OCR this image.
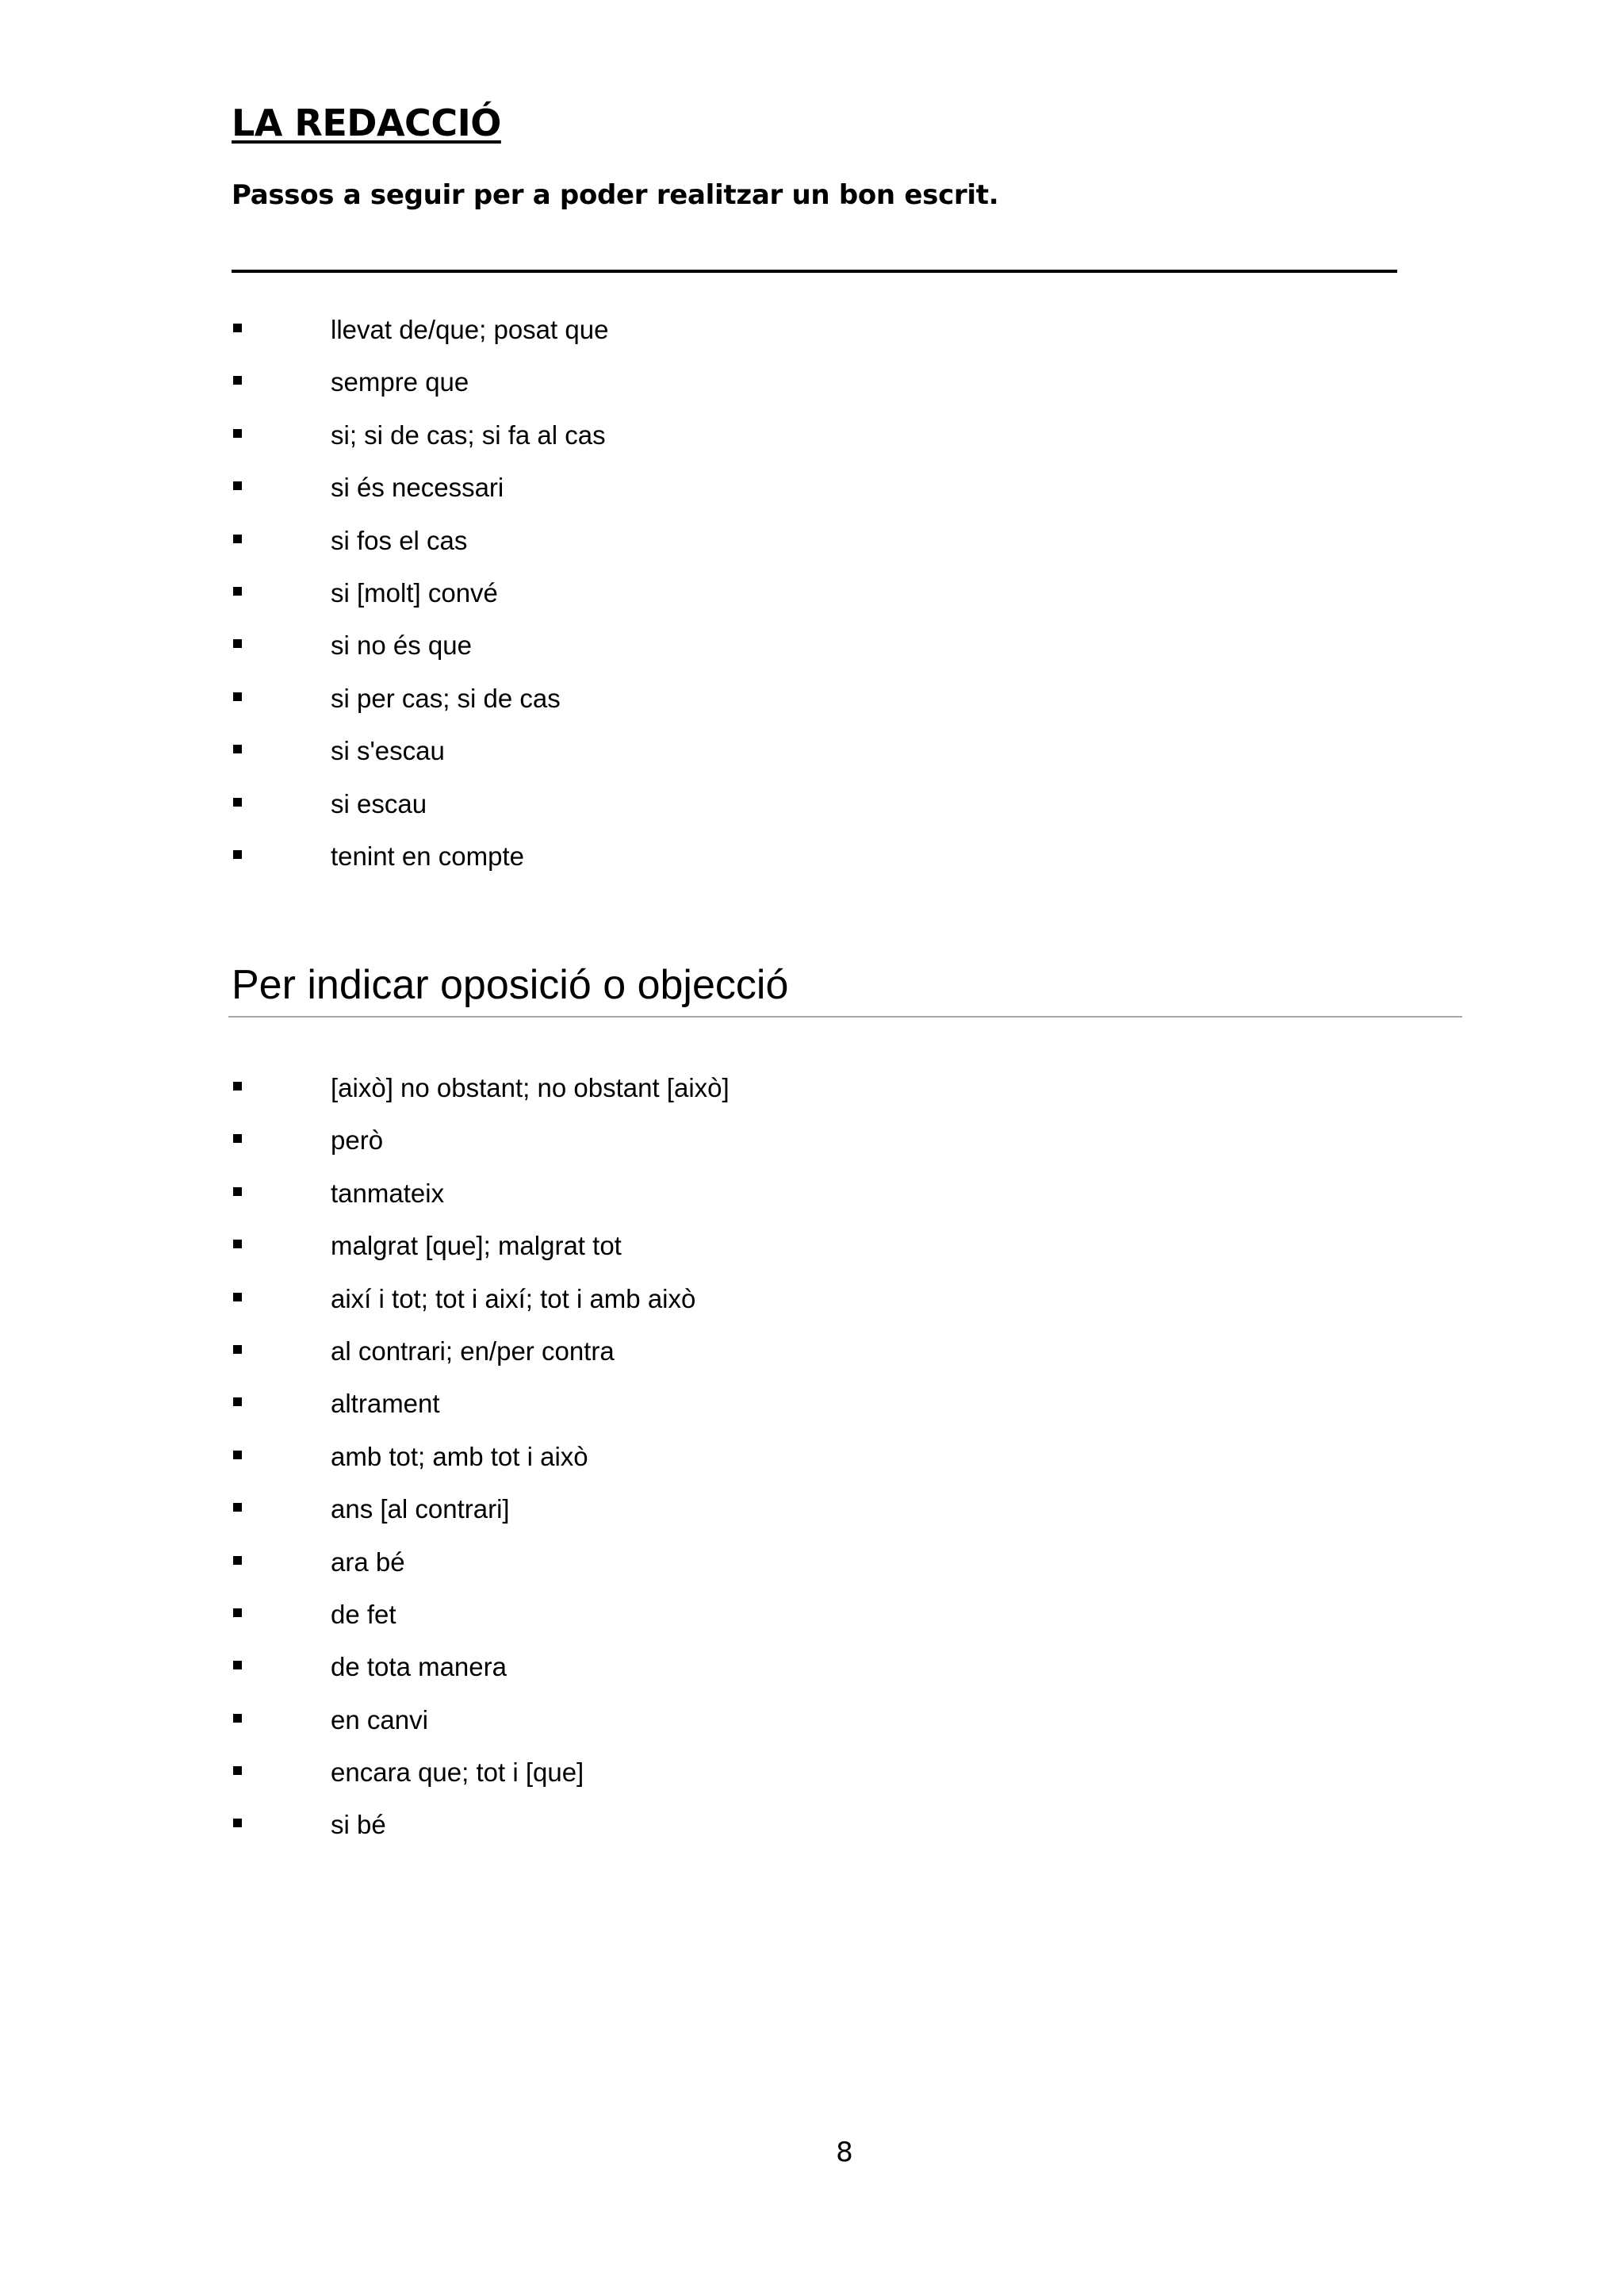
LA REDACCIÓ

Passos a seguir per a poder realitzar un bon escrit.

llevat de/que; posat que
sempre que
si; si de cas; si fa al cas
si és necessari
si fos el cas
si [molt] convé
si no és que
si per cas; si de cas
si s'escau
si escau
tenint en compte
Per indicar oposició o objecció
[això] no obstant; no obstant [això]
però
tanmateix
malgrat [que]; malgrat tot
així i tot; tot i així; tot i amb això
al contrari; en/per contra
altrament
amb tot; amb tot i això
ans [al contrari]
ara bé
de fet
de tota manera
en canvi
encara que; tot i [que]
si bé
8
